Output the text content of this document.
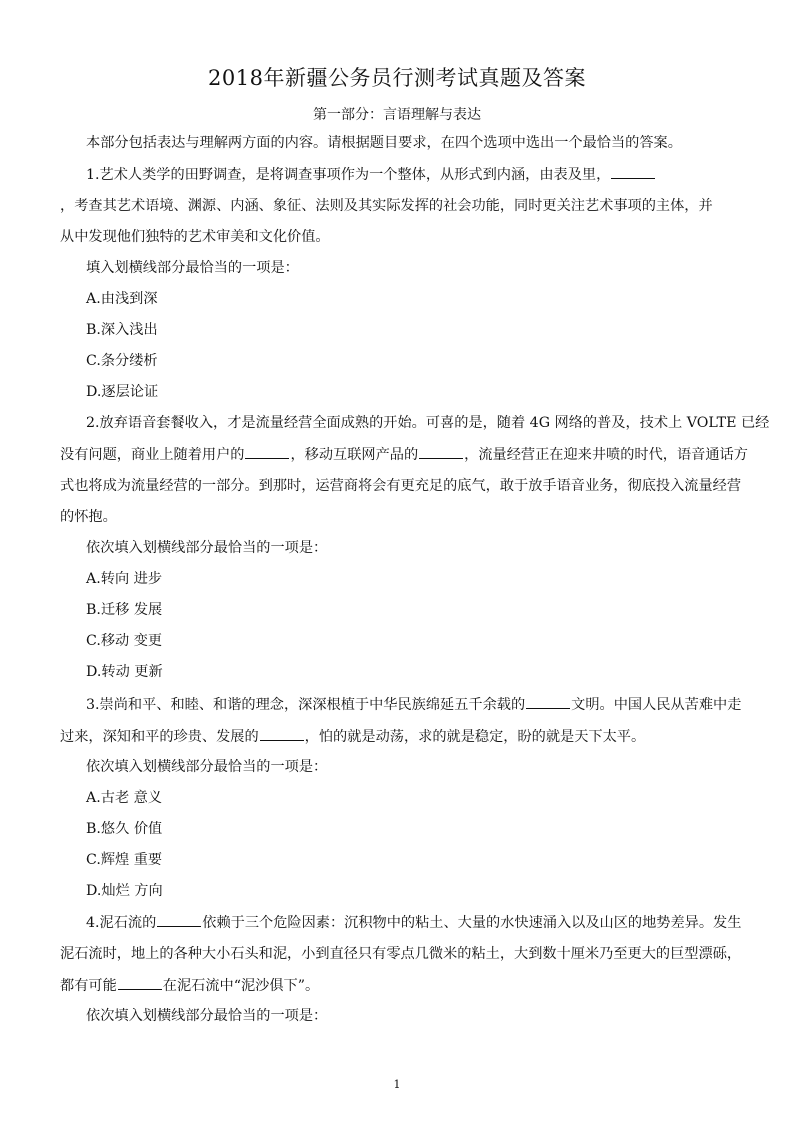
2018年新疆公务员行测考试真题及答案
第一部分：言语理解与表达
本部分包括表达与理解两方面的内容。请根据题目要求，在四个选项中选出一个最恰当的答案。
1.艺术人类学的田野调查，是将调查事项作为一个整体，从形式到内涵，由表及里，
，考查其艺术语境、渊源、内涵、象征、法则及其实际发挥的社会功能，同时更关注艺术事项的主体，并
从中发现他们独特的艺术审美和文化价值。
填入划横线部分最恰当的一项是：
A.由浅到深
B.深入浅出
C.条分缕析
D.逐层论证
2.放弃语音套餐收入，才是流量经营全面成熟的开始。可喜的是，随着 4G 网络的普及，技术上 VOLTE 已经
没有问题，商业上随着用户的	，移动互联网产品的	，流量经营正在迎来井喷的时代，语音通话方
式也将成为流量经营的一部分。到那时，运营商将会有更充足的底气，敢于放手语音业务，彻底投入流量经营
的怀抱。
依次填入划横线部分最恰当的一项是：
A.转向 进步
B.迁移 发展
C.移动 变更
D.转动 更新
3.崇尚和平、和睦、和谐的理念，深深根植于中华民族绵延五千余载的	文明。中国人民从苦难中走
过来，深知和平的珍贵、发展的	，怕的就是动荡，求的就是稳定，盼的就是天下太平。
依次填入划横线部分最恰当的一项是：
A.古老 意义
B.悠久 价值
C.辉煌 重要
D.灿烂 方向
4.泥石流的	依赖于三个危险因素：沉积物中的粘土、大量的水快速涌入以及山区的地势差异。发生
泥石流时，地上的各种大小石头和泥，小到直径只有零点几微米的粘土，大到数十厘米乃至更大的巨型漂砾，
都有可能	在泥石流中“泥沙俱下”。
依次填入划横线部分最恰当的一项是：
1
